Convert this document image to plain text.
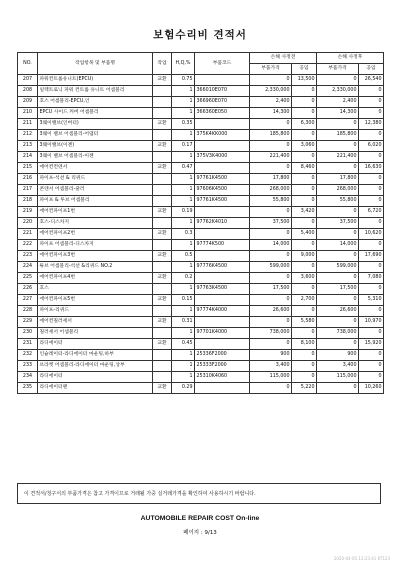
보험수리비 견적서
NO.	작업항목 및 부품명	작업	H,Q,%	부품코드	손해 사정전		손해 사정후	
					부품가격	공임	부품가격	공임
207	파워컨트롤유니트(EPCU)	교환	0.75		0	13,500	0	26,540
208	일렉트로닉 파워 컨트롤 유니트 어셈블리		1	366010E070	2,330,000	0	2,330,000	0
209	호스 어셈블리-EPCU,인		1	366960E070	2,400	0	2,400	0
210	EPCU 사이드 커버 어셈블리		1	366360E050	14,300	0	14,300	0
211	3웨이밸브(인버터)	교환	0.35		0	6,300	0	12,380
212	3웨이 밸브 어셈블리-어댑터		1	375K4KK000	185,800	0	185,800	0
213	3웨이밸브(이젠)	교환	0.17		0	3,060	0	6,020
214	3웨이 밸브 어셈블리-이젠		1	375V3K4000	221,400	0	221,400	0
215	에어컨컨덴서	교환	0.47		0	8,460	0	16,630
216	파이프-석션 & 리퀴드		1	97761K4500	17,800	0	17,800	0
217	콘덴서 어셈블리-쿨러		1	97606K4500	268,000	0	268,000	0
218	파이프 & 투브 어셈블리		1	97761K4500	55,800	0	55,800	0
219	에어컨파이프1번	교환	0.19		0	3,420	0	6,720
220	호스-디스차지		1	97762K4010	37,500	0	37,500	0
221	에어컨파이프2번	교환	0.3		0	5,400	0	10,620
222	파이프 어셈블리-디스차지		1	97774K500	14,000	0	14,000	0
223	에어컨파이프3번	교환	0.5		0	9,000	0	17,690
224	튜브 어셈블리-석션 &리퀴드 NO.2		1	97776K4500	599,000	0	599,000	0
225	에어컨파이프4번	교환	0.2		0	3,600	0	7,080
226	호스		1	97763K4500	17,500	0	17,500	0
227	에어컨파이프5번	교환	0.15		0	2,700	0	5,310
228	파이프-리퀴드		1	97774K4000	26,600	0	26,600	0
229	에어컨칠러세서	교환	0.31		0	5,580	0	10,970
230	칠러세서 어셈블리		1	97701K4000	738,000	0	738,000	0
231	라디에이터	교환	0.45		0	8,100	0	15,920
232	인슐레이터-라디에이터 마운팅,하부		1	25336F2000	900	0	900	0
233	브라켓 어셈블리-라디에이터 마운팅,상부		1	25333F2000	3,400	0	3,400	0
234	라디에이터		1	25310K4060	115,000	0	115,000	0
235	라디에이터팬	교환	0.29		0	5,220	0	10,260
이 견적서/청구서의 부품가격은 참고 가격이므로 거래될 가중 실거래가격을 확인하여 사용하시기 바랍니다.
AUTOMOBILE REPAIR COST On-line
페이지 : 9/13
2020-04-05 13:23:41 KT123
